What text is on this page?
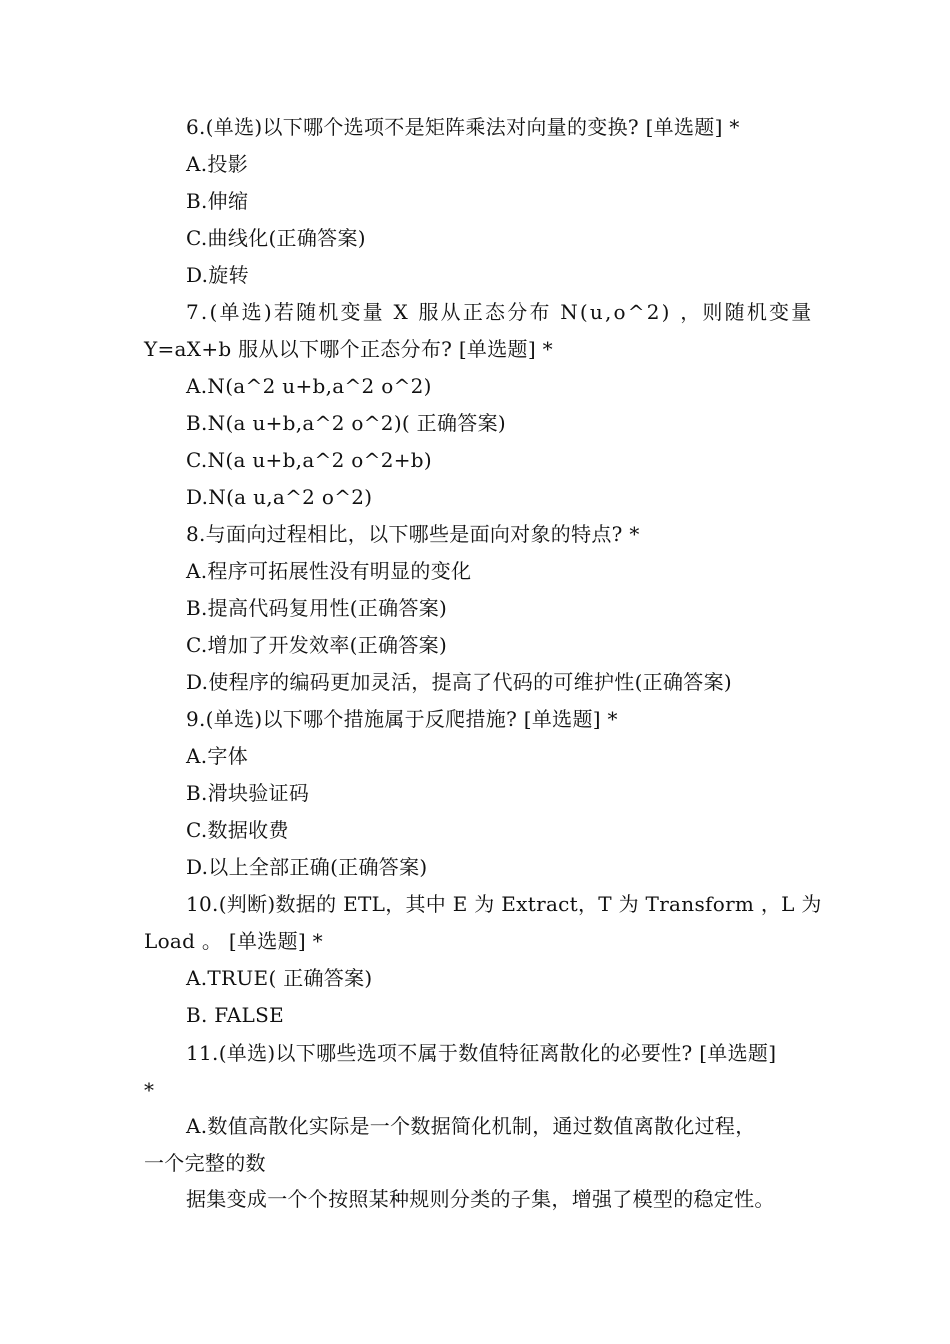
6.(单选)以下哪个选项不是矩阵乘法对向量的变换? [单选题] *
A.投影
B.伸缩
C.曲线化(正确答案)
D.旋转
7.(单选)若随机变量 X 服从正态分布 N(u,o^2) ，则随机变量
Y=aX+b 服从以下哪个正态分布? [单选题] *
A.N(a^2 u+b,a^2 o^2)
B.N(a u+b,a^2 o^2)( 正确答案)
C.N(a u+b,a^2 o^2+b)
D.N(a u,a^2 o^2)
8.与面向过程相比，以下哪些是面向对象的特点? *
A.程序可拓展性没有明显的变化
B.提高代码复用性(正确答案)
C.增加了开发效率(正确答案)
D.使程序的编码更加灵活，提高了代码的可维护性(正确答案)
9.(单选)以下哪个措施属于反爬措施? [单选题] *
A.字体
B.滑块验证码
C.数据收费
D.以上全部正确(正确答案)
10.(判断)数据的 ETL，其中 E 为 Extract，T 为 Transform ，L 为
Load 。 [单选题] *
A.TRUE( 正确答案)
B. FALSE
11.(单选)以下哪些选项不属于数值特征离散化的必要性? [单选题]
*
A.数值高散化实际是一个数据简化机制，通过数值离散化过程，
一个完整的数
据集变成一个个按照某种规则分类的子集，增强了模型的稳定性。
